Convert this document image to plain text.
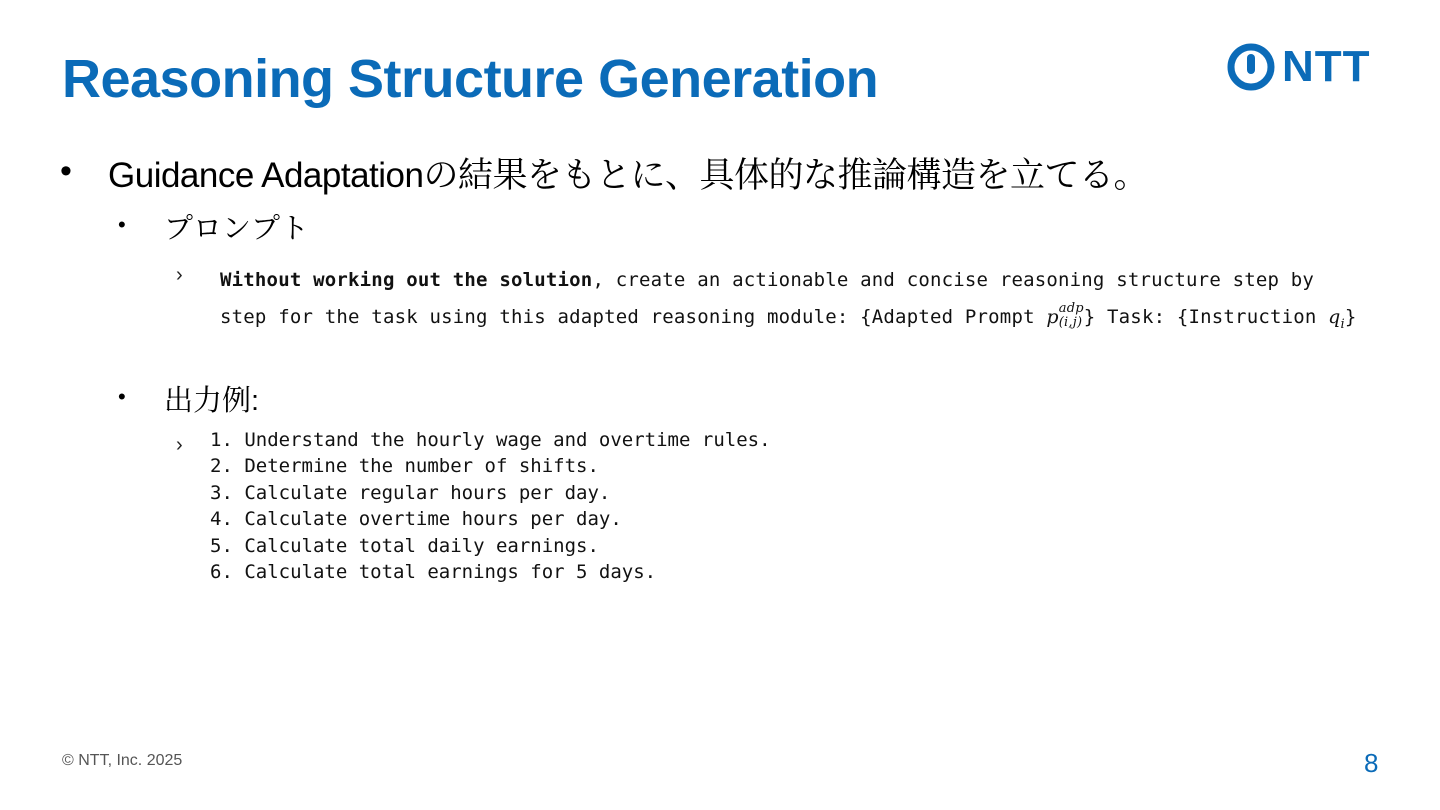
Reasoning Structure Generation	NTT
• Guidance Adaptationの結果をもとに、具体的な推論構造を立てる。
• プロンプト
› Without working out the solution, create an actionable and concise reasoning structure step by step for the task using this adapted reasoning module: {Adapted Prompt p adp
(i,j) } Task: {Instruction $q_i$}
• 出力例:
› 1. Understand the hourly wage and overtime rules.
2. Determine the number of shifts.
3. Calculate regular hours per day.
4. Calculate overtime hours per day.
5. Calculate total daily earnings.
6. Calculate total earnings for 5 days.
© NTT, Inc. 2025	8
